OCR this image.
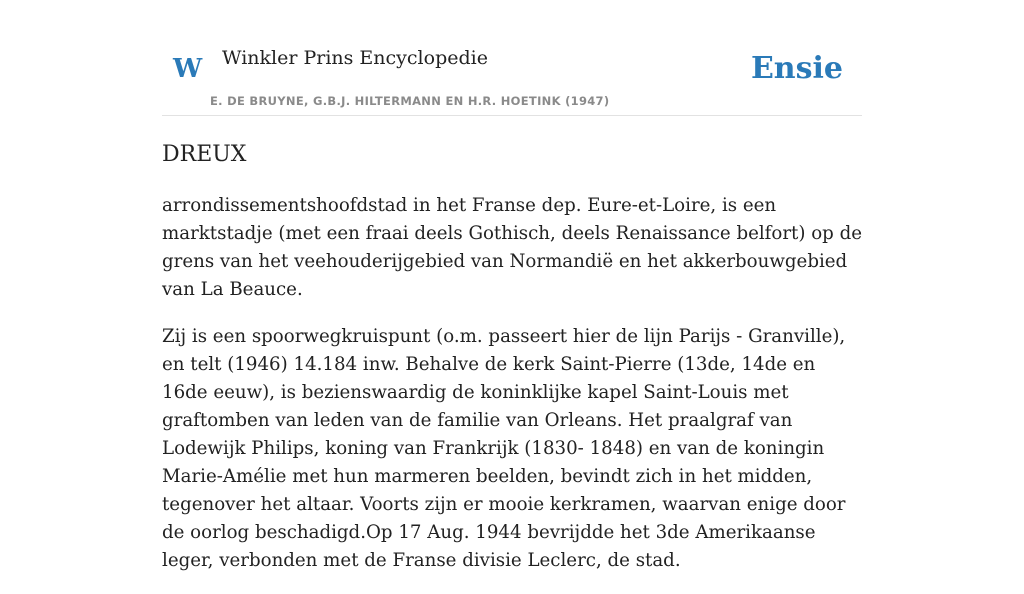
W Winkler Prins Encyclopedie
E. DE BRUYNE, G.B.J. HILTERMANN EN H.R. HOETINK (1947)
Ensie
DREUX

arrondissementshoofdstad in het Franse dep. Eure-et-Loire, is een marktstadje (met een fraai deels Gothisch, deels Renaissance belfort) op de grens van het veehouderijgebied van Normandië en het akkerbouwgebied van La Beauce.

Zij is een spoorwegkruispunt (o.m. passeert hier de lijn Parijs - Granville), en telt (1946) 14.184 inw. Behalve de kerk Saint-Pierre (13de, 14de en 16de eeuw), is bezienswaardig de koninklijke kapel Saint-Louis met graftomben van leden van de familie van Orleans. Het praalgraf van Lodewijk Philips, koning van Frankrijk (1830- 1848) en van de koningin Marie-Amélie met hun marmeren beelden, bevindt zich in het midden, tegenover het altaar. Voorts zijn er mooie kerkramen, waarvan enige door de oorlog beschadigd.Op 17 Aug. 1944 bevrijdde het 3de Amerikaanse leger, verbonden met de Franse divisie Leclerc, de stad.
